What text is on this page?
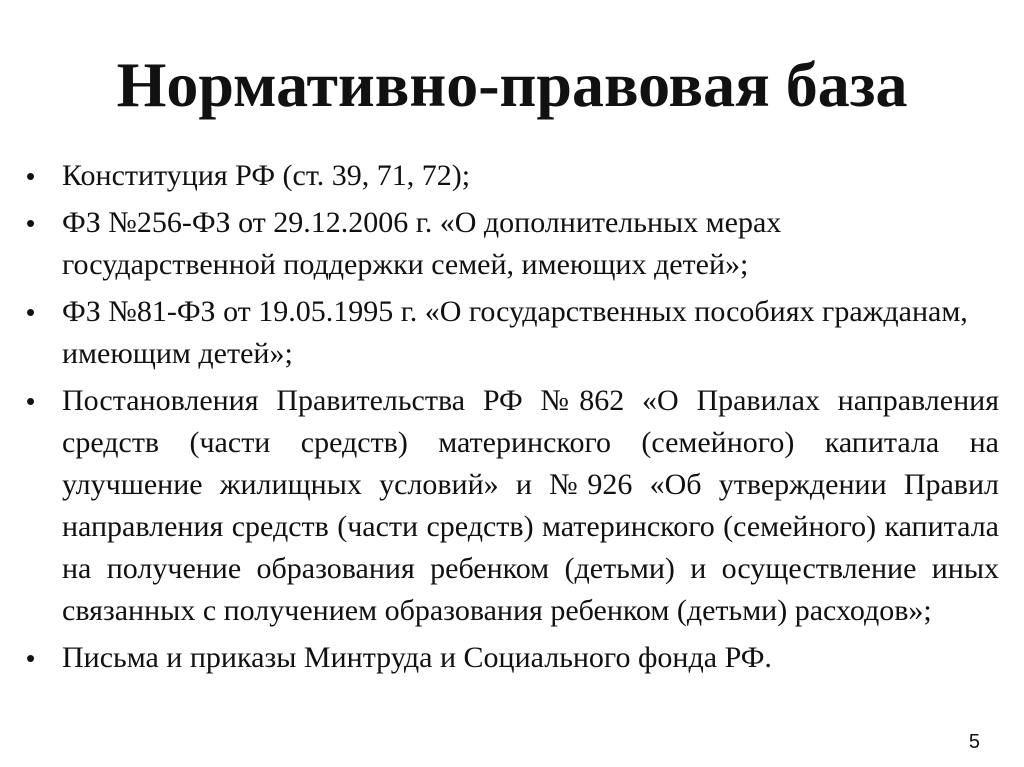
Нормативно-правовая база
• Конституция РФ (ст. 39, 71, 72);
• ФЗ №256-ФЗ от 29.12.2006 г. «О дополнительных мерах государственной поддержки семей, имеющих детей»;
• ФЗ №81-ФЗ от 19.05.1995 г. «О государственных пособиях гражданам, имеющим детей»;
• Постановления Правительства РФ №862 «О Правилах направления средств (части средств) материнского (семейного) капитала на улучшение жилищных условий» и №926 «Об утверждении Правил направления средств (части средств) материнского (семейного) капитала на получение образования ребенком (детьми) и осуществление иных связанных с получением образования ребенком (детьми) расходов»;
• Письма и приказы Минтруда и Социального фонда РФ.
5
